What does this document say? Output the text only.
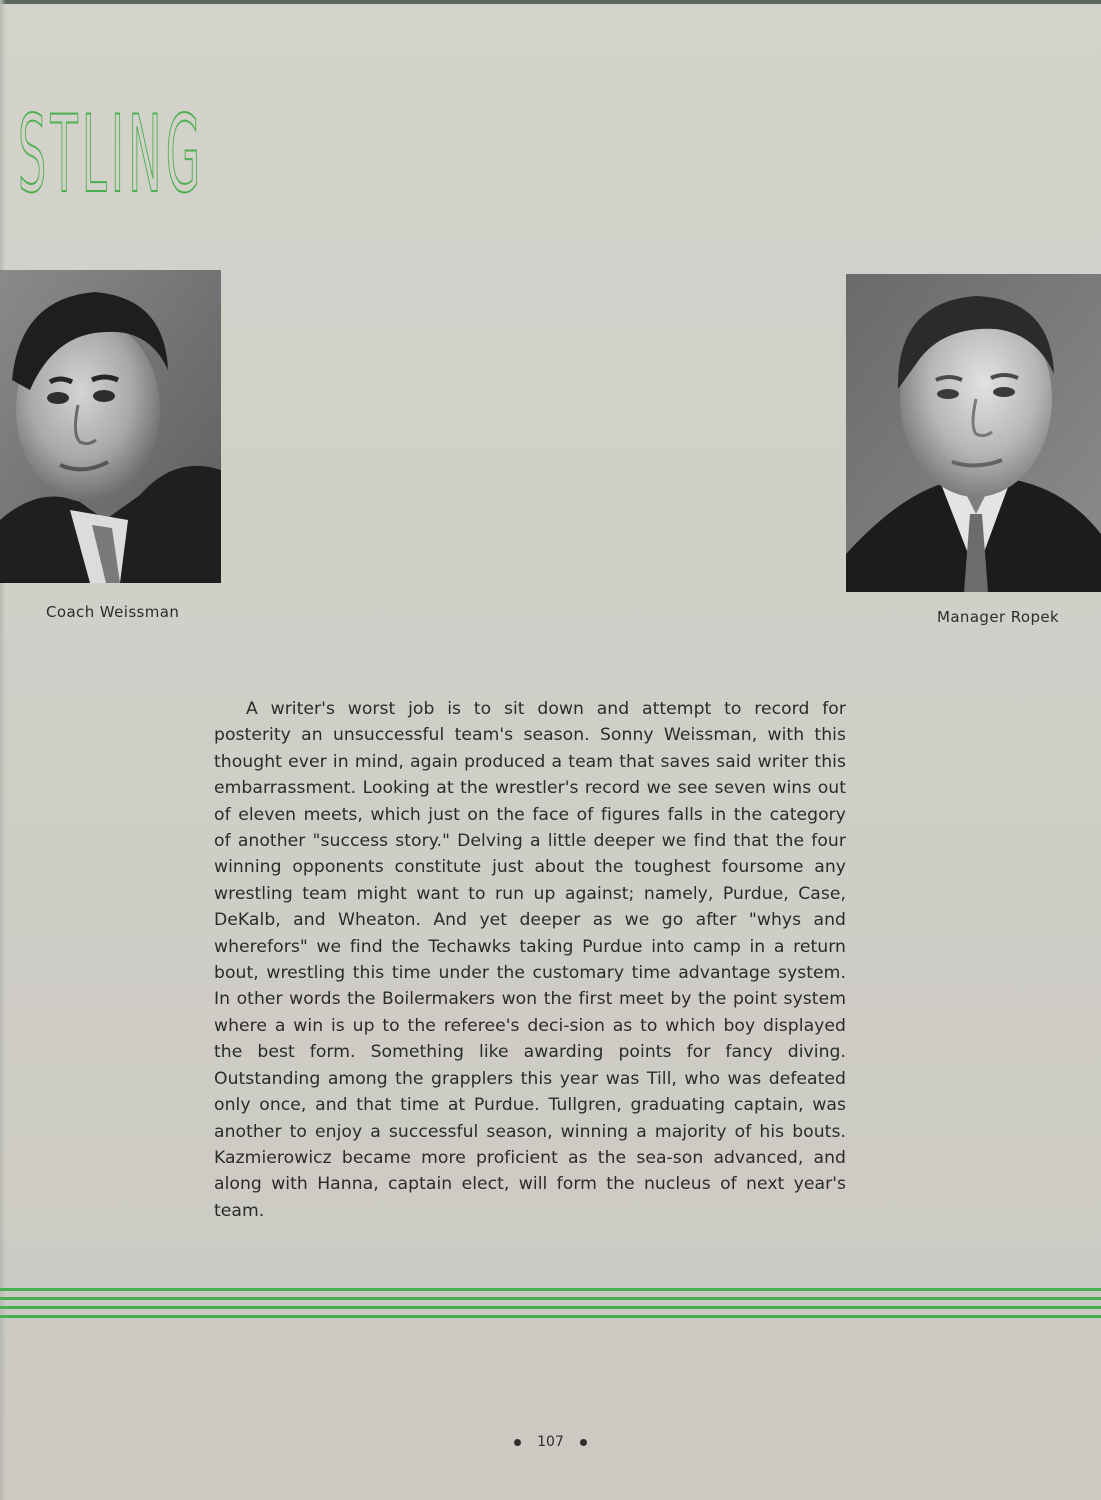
STLING
Coach Weissman	Manager Ropek

A writer's worst job is to sit down and attempt to record for posterity an unsuccessful team's season. Sonny Weissman, with this thought ever in mind, again produced a team that saves said writer this embarrassment. Looking at the wrestler's record we see seven wins out of eleven meets, which just on the face of figures falls in the category of another "success story." Delving a little deeper we find that the four winning opponents constitute just about the toughest foursome any wrestling team might want to run up against; namely, Purdue, Case, DeKalb, and Wheaton. And yet deeper as we go after "whys and wherefors" we find the Techawks taking Purdue into camp in a return bout, wrestling this time under the customary time advantage system. In other words the Boilermakers won the first meet by the point system where a win is up to the referee's deci-sion as to which boy displayed the best form. Something like awarding points for fancy diving. Outstanding among the grapplers this year was Till, who was defeated only once, and that time at Purdue. Tullgren, graduating captain, was another to enjoy a successful season, winning a majority of his bouts. Kazmierowicz became more proficient as the sea-son advanced, and along with Hanna, captain elect, will form the nucleus of next year's team.

107
